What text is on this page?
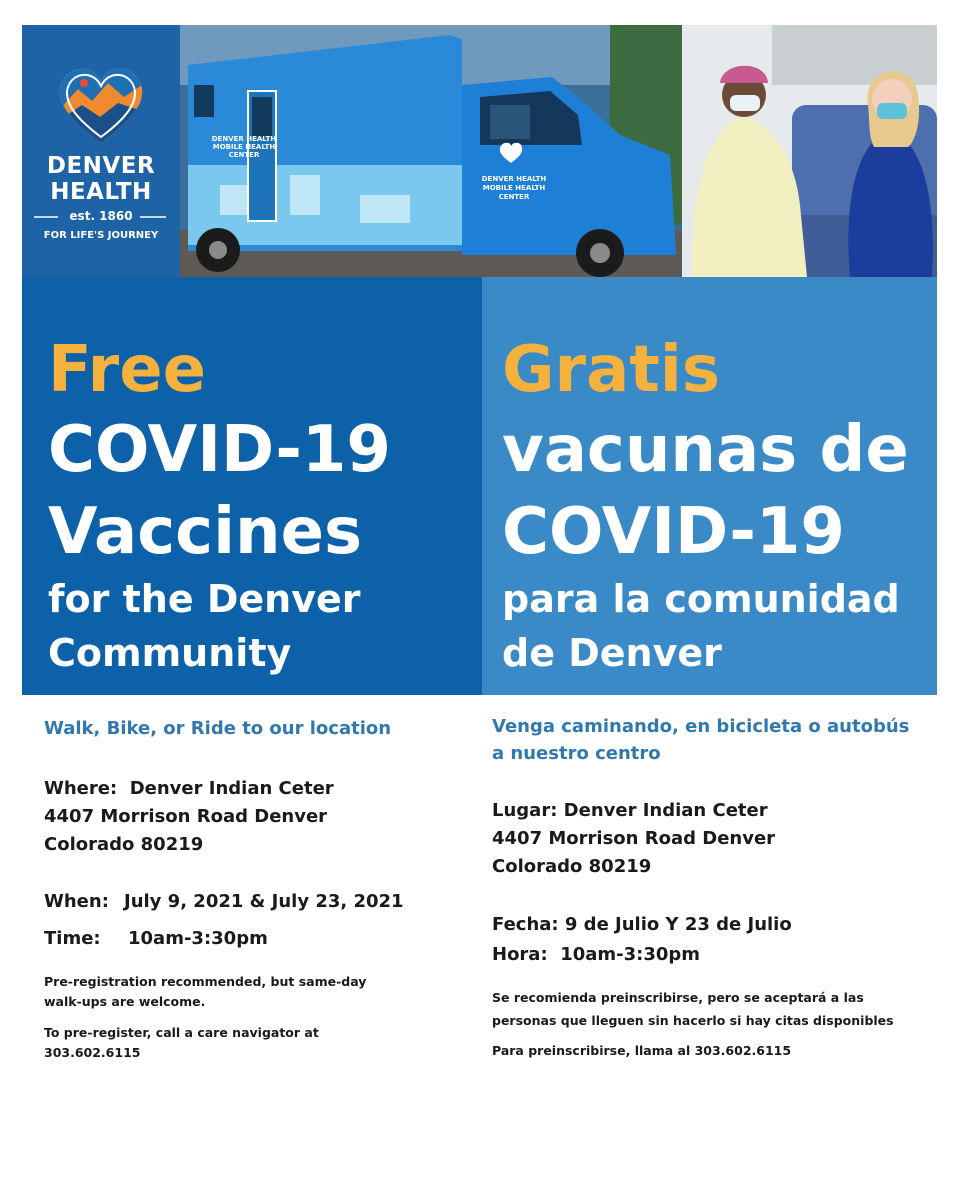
DENVER
HEALTH
est. 1860
FOR LIFE'S JOURNEY
DENVER HEALTH MOBILE HEALTH CENTER
DENVER HEALTH
MOBILE HEALTH
CENTER
Free
COVID-19
Vaccines
for the Denver
Community
Gratis
vacunas de
COVID-19
para la comunidad
de Denver
Walk, Bike, or Ride to our location
Where: Denver Indian Ceter
4407 Morrison Road Denver
Colorado 80219
When: July 9, 2021 & July 23, 2021
Time: 10am-3:30pm
Pre-registration recommended, but same-day
walk-ups are welcome.
To pre-register, call a care navigator at
303.602.6115
Venga caminando, en bicicleta o autobús
a nuestro centro
Lugar: Denver Indian Ceter
4407 Morrison Road Denver
Colorado 80219
Fecha: 9 de Julio Y 23 de Julio
Hora: 10am-3:30pm
Se recomienda preinscribirse, pero se aceptará a las
personas que lleguen sin hacerlo si hay citas disponibles
Para preinscribirse, llama al 303.602.6115
